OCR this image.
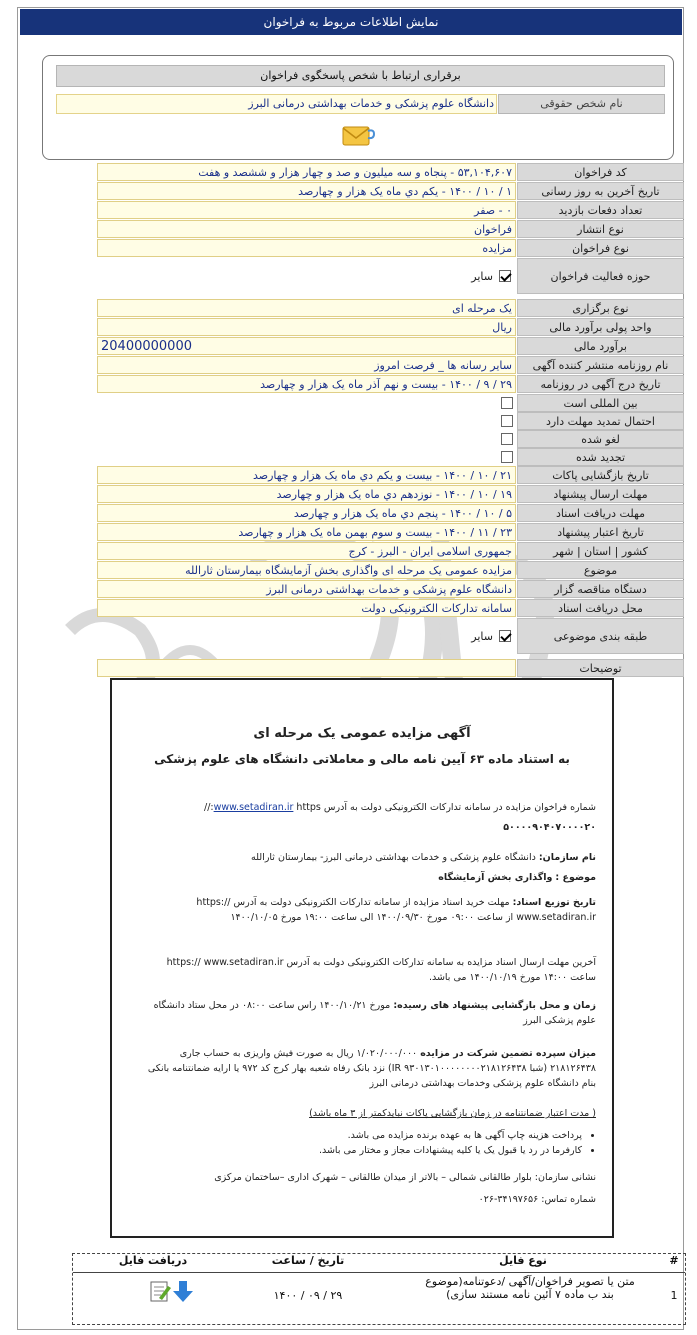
نمایش اطلاعات مربوط به فراخوان
برقراری ارتباط با شخص پاسخگوی فراخوان
نام شخص حقوقی
دانشگاه علوم پزشکی و خدمات بهداشتی درمانی البرز
کد فراخوان
۵۳,۱۰۴,۶۰۷ - پنجاه و سه میلیون و صد و چهار هزار و ششصد و هفت
تاریخ آخرین به روز رسانی
۱ / ۱۰ / ۱۴۰۰ - یکم دي ماه یک هزار و چهارصد
تعداد دفعات بازدید
۰ - صفر
نوع انتشار
فراخوان
نوع فراخوان
مزایده
حوزه فعالیت فراخوان
سایر
نوع برگزاری
یک مرحله ای
واحد پولی برآورد مالی
ریال
برآورد مالی
20400000000
نام روزنامه منتشر کننده آگهی
سایر رسانه ها _ فرصت امروز
تاریخ درج آگهی در روزنامه
۲۹ / ۹ / ۱۴۰۰ - بیست و نهم آذر ماه یک هزار و چهارصد
بین المللی است
احتمال تمدید مهلت دارد
لغو شده
تجدید شده
تاریخ بازگشایی پاکات
۲۱ / ۱۰ / ۱۴۰۰ - بیست و یکم دي ماه یک هزار و چهارصد
مهلت ارسال پیشنهاد
۱۹ / ۱۰ / ۱۴۰۰ - نوزدهم دي ماه یک هزار و چهارصد
مهلت دریافت اسناد
۵ / ۱۰ / ۱۴۰۰ - پنجم دي ماه یک هزار و چهارصد
تاریخ اعتبار پیشنهاد
۲۳ / ۱۱ / ۱۴۰۰ - بیست و سوم بهمن ماه یک هزار و چهارصد
کشور | استان | شهر
جمهوری اسلامی ایران - البرز - کرج
موضوع
مزایده عمومی یک مرحله ای واگذاری بخش آزمایشگاه بیمارستان ثارالله
دستگاه مناقصه گزار
دانشگاه علوم پزشکی و خدمات بهداشتی درمانی البرز
محل دریافت اسناد
سامانه تدارکات الکترونیکی دولت
طبقه بندی موضوعی
سایر
توضیحات
آگهی مزایده عمومی یک مرحله ای
به استناد ماده ۶۳ آیین نامه مالی و معاملاتی دانشگاه های علوم پزشکی
شماره فراخوان مزایده در سامانه تدارکات الکترونیکی دولت به آدرس www.setadiran.ir https://
۵۰۰۰۰۹۰۴۰۷۰۰۰۰۲۰
نام سازمان: دانشگاه علوم پزشکی و خدمات بهداشتی درمانی البرز- بیمارستان ثارالله
موضوع : واگذاری بخش آزمایشگاه
تاریخ توزیع اسناد: مهلت خرید اسناد مزایده از سامانه تدارکات الکترونیکی دولت به آدرس https:// www.setadiran.ir از ساعت ۰۹:۰۰ مورخ ۱۴۰۰/۰۹/۳۰ الی ساعت ۱۹:۰۰ مورخ ۱۴۰۰/۱۰/۰۵
آخرین مهلت ارسال اسناد مزایده به سامانه تدارکات الکترونیکی دولت به آدرس https:// www.setadiran.ir ساعت ۱۴:۰۰ مورخ ۱۴۰۰/۱۰/۱۹ می باشد.
زمان و محل بازگشایی پیشنهاد های رسیده: مورخ ۱۴۰۰/۱۰/۲۱ راس ساعت ۰۸:۰۰ در محل ستاد دانشگاه علوم پزشکی البرز
میزان سپرده تضمین شرکت در مزایده ۱/۰۲۰/۰۰۰/۰۰۰ ریال به صورت فیش واریزی به حساب جاری ۲۱۸۱۲۶۴۳۸ (شبا IR ۹۳۰۱۳۰۱۰۰۰۰۰۰۰۰۲۱۸۱۲۶۴۳۸) نزد بانک رفاه شعبه بهار کرج کد ۹۷۲ یا ارایه ضمانتنامه بانکی بنام دانشگاه علوم پزشکی وخدمات بهداشتی درمانی البرز
( مدت اعتبار ضمانتنامه در زمان بازگشایی پاکات نبایدکمتر از ۳ ماه باشد)
• پرداخت هزینه چاپ آگهی ها به عهده برنده مزایده می باشد.
• کارفرما در رد یا قبول یک یا کلیه پیشنهادات مجاز و مختار می باشد.
نشانی سازمان: بلوار طالقانی شمالی – بالاتر از میدان طالقانی – شهرک اداری –ساختمان مرکزی
شماره تماس: ۳۴۱۹۷۶۵۶-۰۲۶
#
نوع فایل
تاریخ / ساعت
دریافت فایل
1
متن یا تصویر فراخوان/آگهی /دعوتنامه(موضوع بند ب ماده ۷ آئین نامه مستند سازی)
۲۹ / ۰۹ / ۱۴۰۰
